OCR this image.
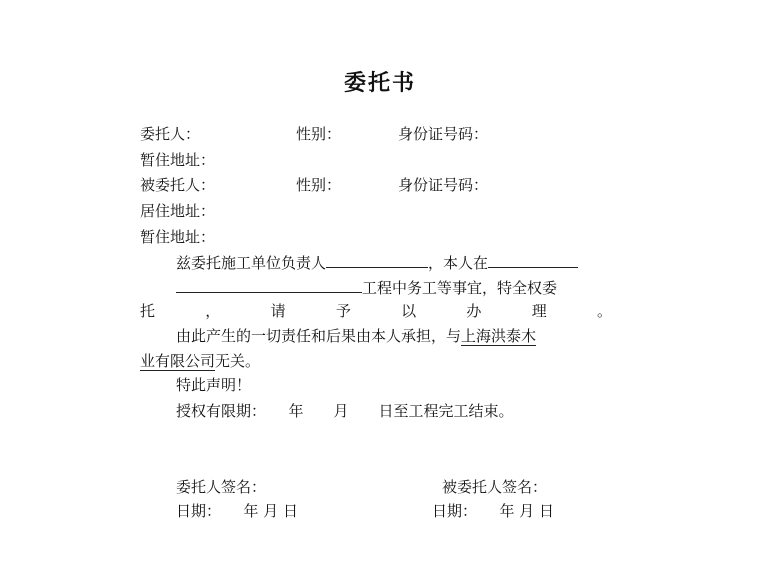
委托书
委托人：	性别：	身份证号码：
暂住地址：
被委托人：	性别：	身份证号码：
居住地址：
暂住地址：
兹委托施工单位负责人	，本人在
工程中务工等事宜，特全权委
托	，	请	予	以	办	理	。
由此产生的一切责任和后果由本人承担，与上海洪泰木
业有限公司无关。
特此声明！
授权有限期：　　年　　月　　日至工程完工结束。
委托人签名：	被委托人签名：
日期：　　年 月 日	日期：　　年 月 日
